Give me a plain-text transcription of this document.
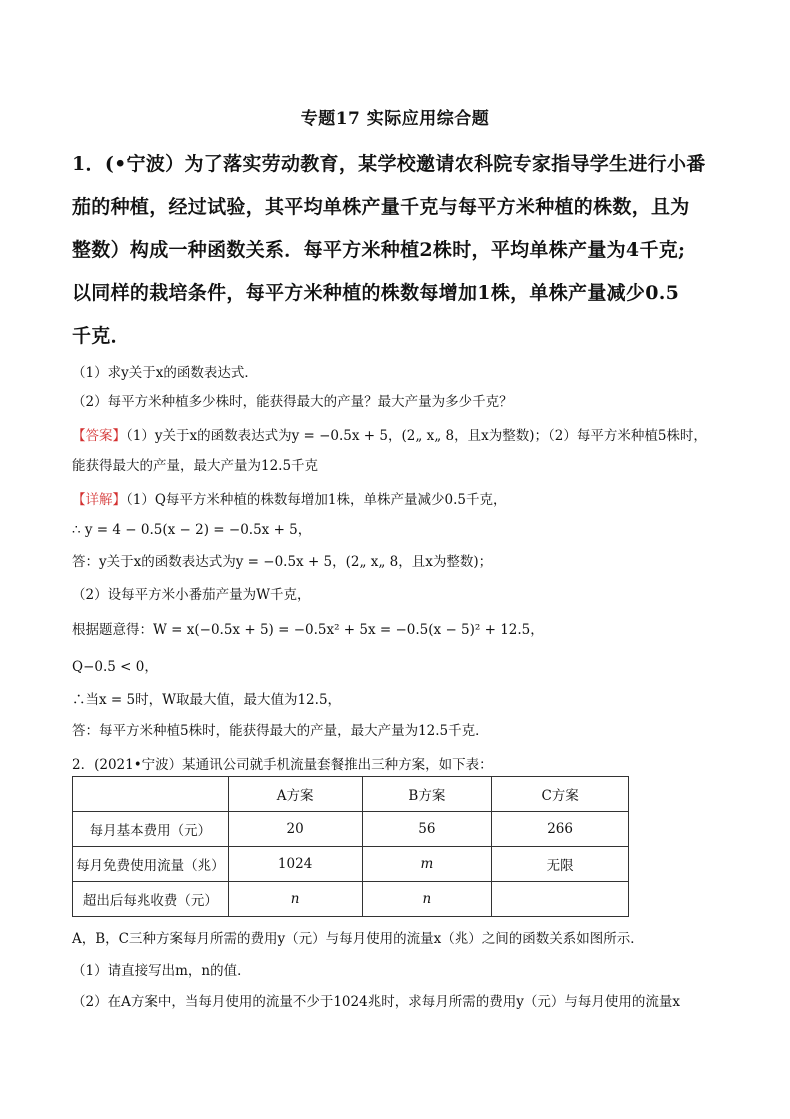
专题17 实际应用综合题

1．(•宁波）为了落实劳动教育，某学校邀请农科院专家指导学生进行小番

茄的种植，经过试验，其平均单株产量千克与每平方米种植的株数，且为

整数）构成一种函数关系．每平方米种植2株时，平均单株产量为4千克;

以同样的栽培条件，每平方米种植的株数每增加1株，单株产量减少0.5

千克．

（1）求y关于x的函数表达式．
（2）每平方米种植多少株时，能获得最大的产量？最大产量为多少千克？
【答案】（1）y关于x的函数表达式为y = −0.5x + 5，(2„ x„ 8，且x为整数)；（2）每平方米种植5株时，
能获得最大的产量，最大产量为12.5千克
【详解】（1）Q每平方米种植的株数每增加1株，单株产量减少0.5千克，
∴ y = 4 − 0.5(x − 2) = −0.5x + 5，
答：y关于x的函数表达式为y = −0.5x + 5，(2„ x„ 8，且x为整数)；
（2）设每平方米小番茄产量为W千克，
根据题意得：W = x(−0.5x + 5) = −0.5x² + 5x = −0.5(x − 5)² + 12.5，
Q−0.5 < 0，
∴当x = 5时，W取最大值，最大值为12.5，
答：每平方米种植5株时，能获得最大的产量，最大产量为12.5千克．
2．(2021•宁波）某通讯公司就手机流量套餐推出三种方案，如下表：
	A方案	B方案	C方案
每月基本费用（元）	20	56	266
每月免费使用流量（兆）	1024	m	无限
超出后每兆收费（元）	n	n	
A，B，C三种方案每月所需的费用y（元）与每月使用的流量x（兆）之间的函数关系如图所示．
（1）请直接写出m，n的值．
（2）在A方案中，当每月使用的流量不少于1024兆时，求每月所需的费用y（元）与每月使用的流量x
